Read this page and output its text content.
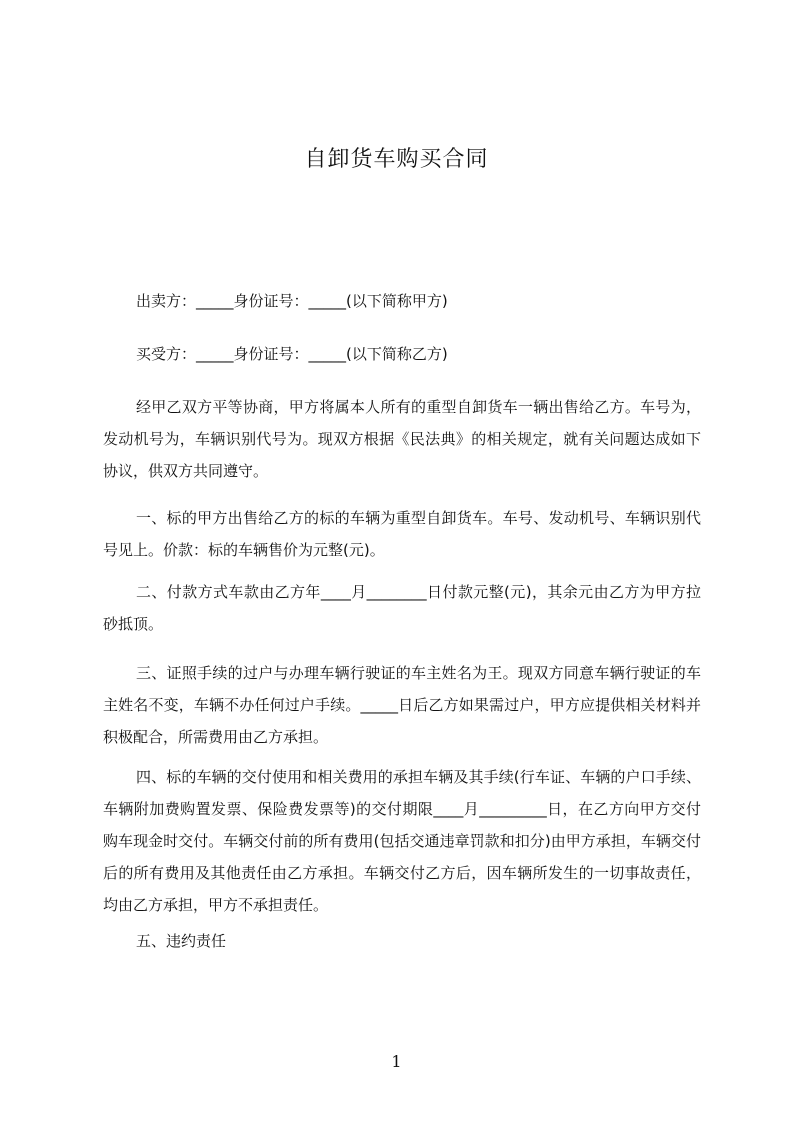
自卸货车购买合同

出卖方：_____身份证号：_____(以下简称甲方)

买受方：_____身份证号：_____(以下简称乙方)

经甲乙双方平等协商，甲方将属本人所有的重型自卸货车一辆出售给乙方。车号为，发动机号为，车辆识别代号为。现双方根据《民法典》的相关规定，就有关问题达成如下协议，供双方共同遵守。

一、标的甲方出售给乙方的标的车辆为重型自卸货车。车号、发动机号、车辆识别代号见上。价款：标的车辆售价为元整(元)。

二、付款方式车款由乙方年____月________日付款元整(元)，其余元由乙方为甲方拉砂抵顶。

三、证照手续的过户与办理车辆行驶证的车主姓名为王。现双方同意车辆行驶证的车主姓名不变，车辆不办任何过户手续。_____日后乙方如果需过户，甲方应提供相关材料并积极配合，所需费用由乙方承担。

四、标的车辆的交付使用和相关费用的承担车辆及其手续(行车证、车辆的户口手续、车辆附加费购置发票、保险费发票等)的交付期限____月_________日，在乙方向甲方交付购车现金时交付。车辆交付前的所有费用(包括交通违章罚款和扣分)由甲方承担，车辆交付后的所有费用及其他责任由乙方承担。车辆交付乙方后，因车辆所发生的一切事故责任，均由乙方承担，甲方不承担责任。

五、违约责任

1
